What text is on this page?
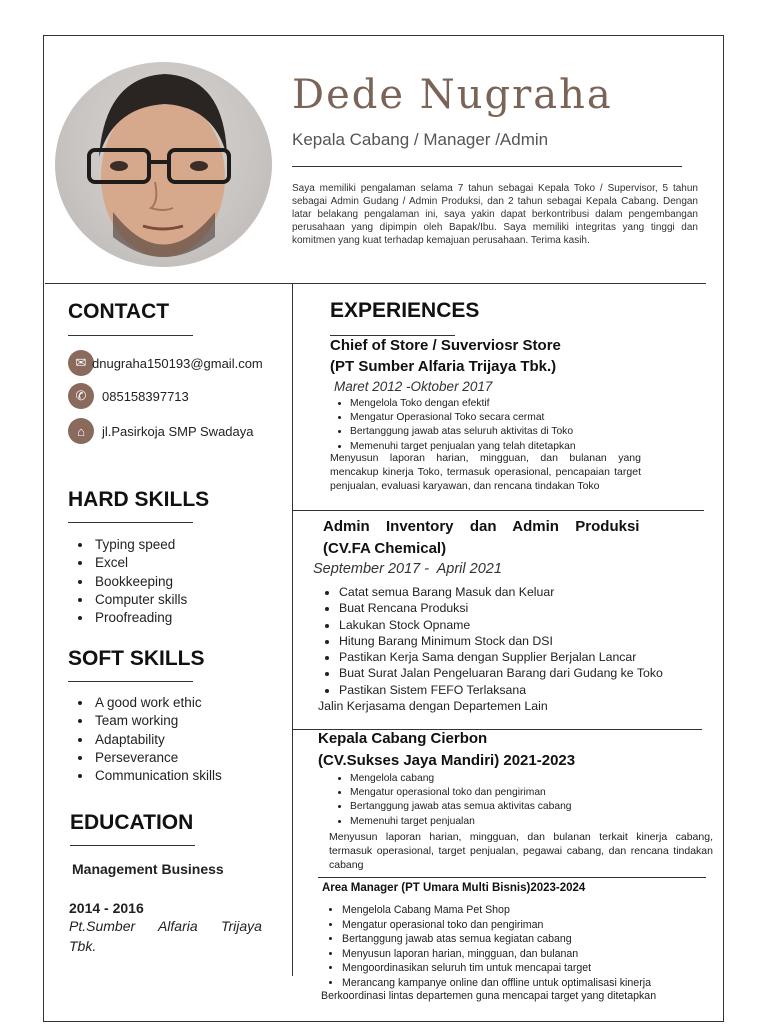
Dede Nugraha
Kepala Cabang / Manager /Admin
Saya memiliki pengalaman selama 7 tahun sebagai Kepala Toko / Supervisor, 5 tahun sebagai Admin Gudang / Admin Produksi, dan 2 tahun sebagai Kepala Cabang. Dengan latar belakang pengalaman ini, saya yakin dapat berkontribusi dalam pengembangan perusahaan yang dipimpin oleh Bapak/Ibu. Saya memiliki integritas yang tinggi dan komitmen yang kuat terhadap kemajuan perusahaan. Terima kasih.
CONTACT
✉ dnugraha150193@gmail.com
✆	085158397713
⌂	jl.Pasirkoja SMP Swadaya
HARD SKILLS
• Typing speed
• Excel
• Bookkeeping
• Computer skills
• Proofreading
SOFT SKILLS
• A good work ethic
• Team working
• Adaptability
• Perseverance
• Communication skills
EDUCATION
Management Business
2014 - 2016
Pt.Sumber      Alfaria      Trijaya
Tbk.
EXPERIENCES
Chief of Store / Suverviosr Store
(PT Sumber Alfaria Trijaya Tbk.)
Maret 2012 -Oktober 2017
• Mengelola Toko dengan efektif
• Mengatur Operasional Toko secara cermat
• Bertanggung jawab atas seluruh aktivitas di Toko
• Memenuhi target penjualan yang telah ditetapkan
Menyusun laporan harian, mingguan, dan bulanan yang mencakup kinerja Toko, termasuk operasional, pencapaian target penjualan, evaluasi karyawan, dan rencana tindakan Toko
Admin  Inventory  dan  Admin  Produksi
(CV.FA Chemical)
September 2017 -  April 2021
• Catat semua Barang Masuk dan Keluar
• Buat Rencana Produksi
• Lakukan Stock Opname
• Hitung Barang Minimum Stock dan DSI
• Pastikan Kerja Sama dengan Supplier Berjalan Lancar
• Buat Surat Jalan Pengeluaran Barang dari Gudang ke Toko
• Pastikan Sistem FEFO Terlaksana
Jalin Kerjasama dengan Departemen Lain
Kepala Cabang Cierbon
(CV.Sukses Jaya Mandiri) 2021-2023
• Mengelola cabang
• Mengatur operasional toko dan pengiriman
• Bertanggung jawab atas semua aktivitas cabang
• Memenuhi target penjualan
Menyusun laporan harian, mingguan, dan bulanan terkait kinerja cabang, termasuk operasional, target penjualan, pegawai cabang, dan rencana tindakan cabang
Area Manager (PT Umara Multi Bisnis)2023-2024
• Mengelola Cabang Mama Pet Shop
• Mengatur operasional toko dan pengiriman
• Bertanggung jawab atas semua kegiatan cabang
• Menyusun laporan harian, mingguan, dan bulanan
• Mengoordinasikan seluruh tim untuk mencapai target
• Merancang kampanye online dan offline untuk optimalisasi kinerja
Berkoordinasi lintas departemen guna mencapai target yang ditetapkan
